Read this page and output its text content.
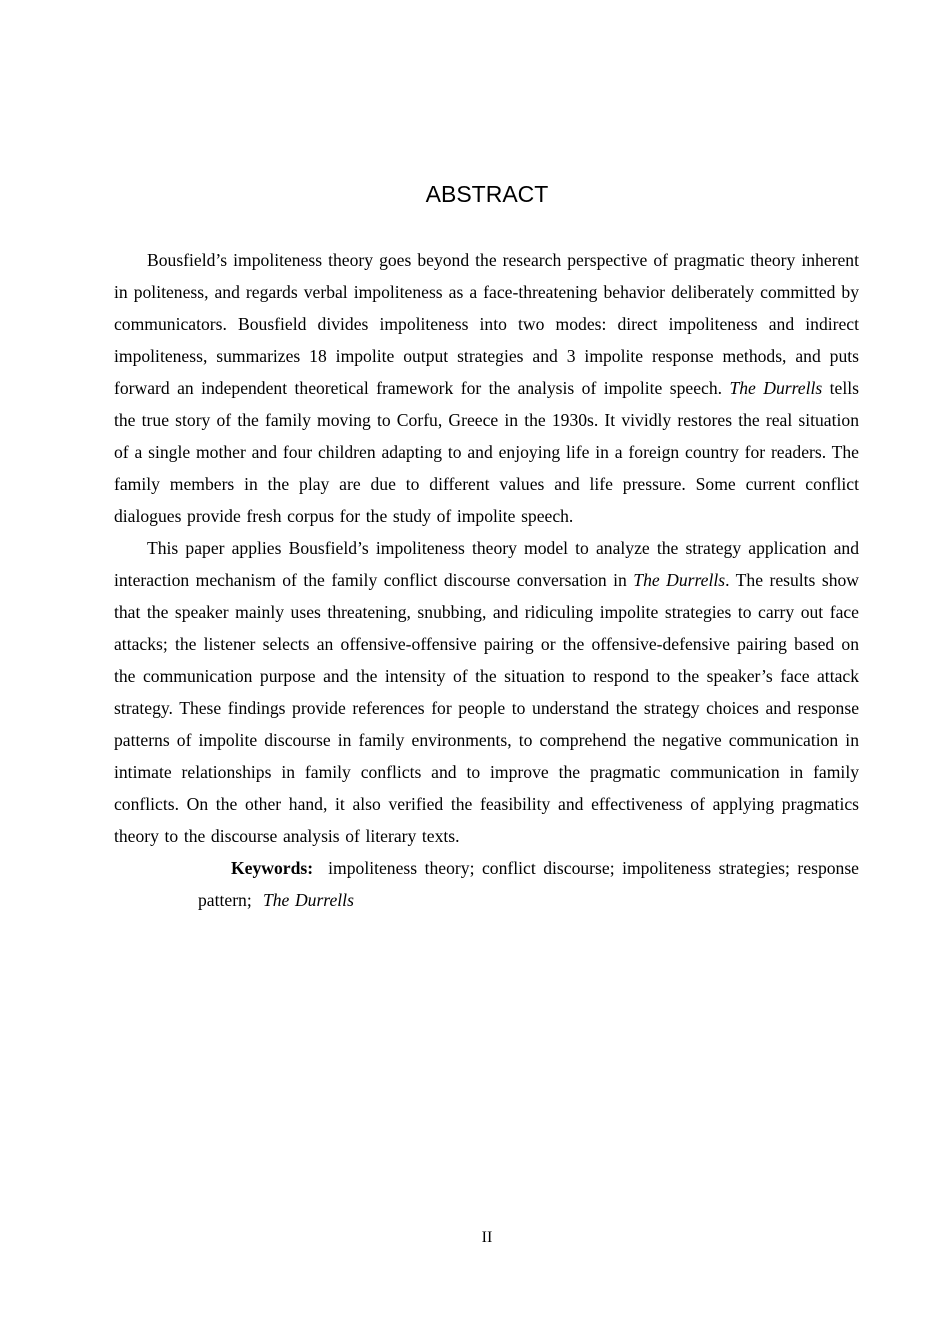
ABSTRACT

Bousfield’s impoliteness theory goes beyond the research perspective of pragmatic theory inherent in politeness, and regards verbal impoliteness as a face-threatening behavior deliberately committed by communicators. Bousfield divides impoliteness into two modes: direct impoliteness and indirect impoliteness, summarizes 18 impolite output strategies and 3 impolite response methods, and puts forward an independent theoretical framework for the analysis of impolite speech. The Durrells tells the true story of the family moving to Corfu, Greece in the 1930s. It vividly restores the real situation of a single mother and four children adapting to and enjoying life in a foreign country for readers. The family members in the play are due to different values and life pressure. Some current conflict dialogues provide fresh corpus for the study of impolite speech.

This paper applies Bousfield’s impoliteness theory model to analyze the strategy application and interaction mechanism of the family conflict discourse conversation in The Durrells. The results show that the speaker mainly uses threatening, snubbing, and ridiculing impolite strategies to carry out face attacks; the listener selects an offensive-offensive pairing or the offensive-defensive pairing based on the communication purpose and the intensity of the situation to respond to the speaker’s face attack strategy. These findings provide references for people to understand the strategy choices and response patterns of impolite discourse in family environments, to comprehend the negative communication in intimate relationships in family conflicts and to improve the pragmatic communication in family conflicts. On the other hand, it also verified the feasibility and effectiveness of applying pragmatics theory to the discourse analysis of literary texts.

Keywords: impoliteness theory; conflict discourse; impoliteness strategies; response pattern; The Durrells

II
